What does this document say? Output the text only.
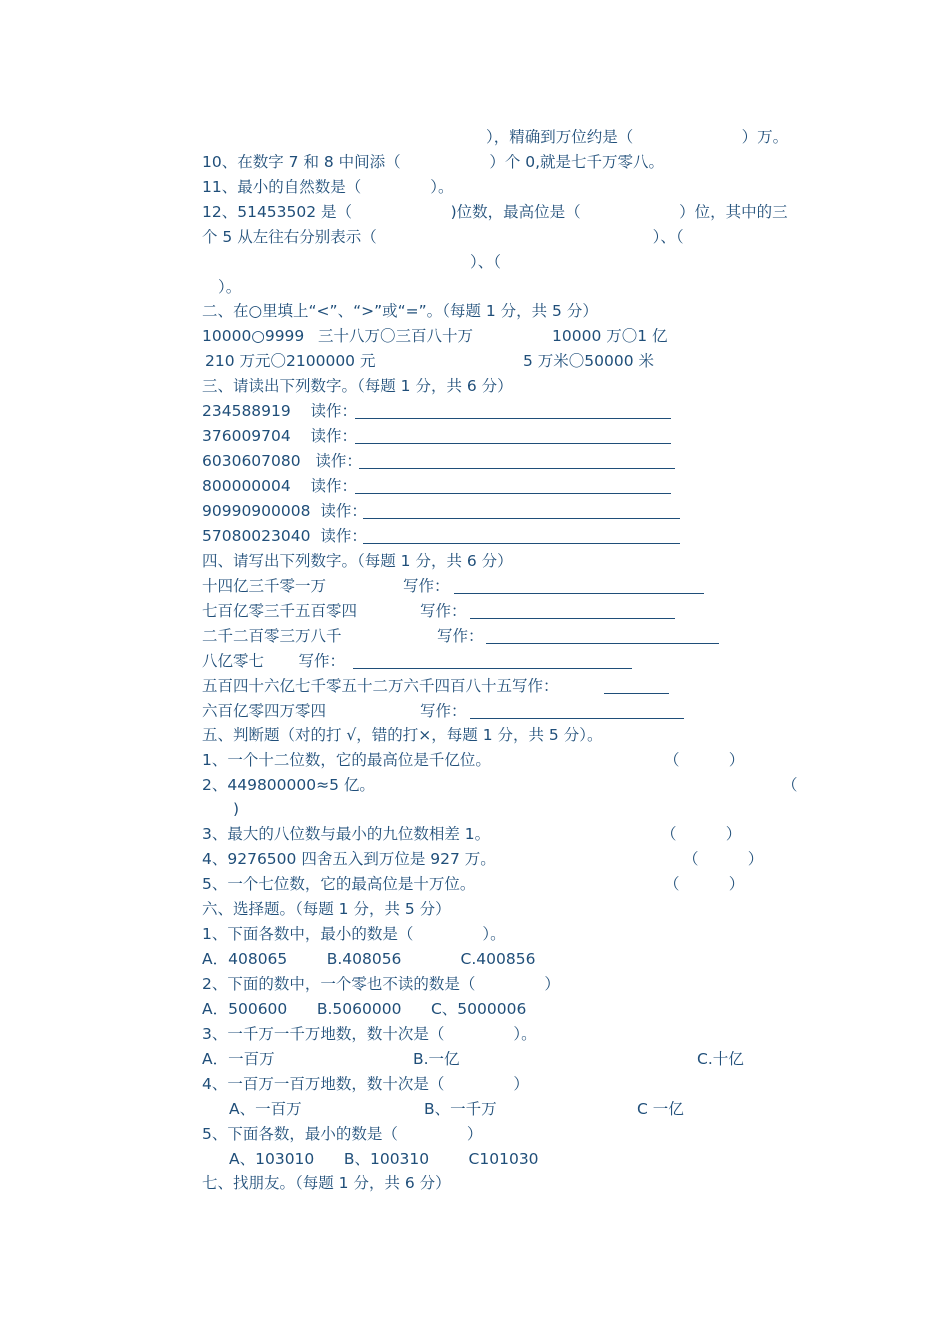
），精确到万位约是（                      ）万。
10、在数字 7 和 8 中间添（                  ）个 0,就是七千万零八。
11、最小的自然数是（              ）。
12、51453502 是（                    )位数，最高位是（                    ）位，其中的三
个 5 从左往右分别表示（                                                        ）、（
）、（
）。
二、在○里填上“<”、“>”或“=”。（每题 1 分，共 5 分）
10000○9999 三十八万〇三百八十万	10000 万〇1 亿
210 万元〇2100000 元	5 万米〇50000 米
三、请读出下列数字。（每题 1 分，共 6 分）
234588919    读作：
376009704    读作：
6030607080   读作：
800000004    读作：
90990900008  读作：
57080023040  读作：
四、请写出下列数字。（每题 1 分，共 6 分）
十四亿三千零一万	写作：
七百亿零三千五百零四	写作：
二千二百零三万八千	写作：
八亿零七       写作：
五百四十六亿七千零五十二万六千四百八十五写作：
六百亿零四万零四	写作：
五、判断题（对的打 √，错的打×，每题 1 分，共 5 分）。
1、一个十二位数，它的最高位是千亿位。	（          ）
2、449800000≈5 亿。	（
)
3、最大的八位数与最小的九位数相差 1。	（          ）
4、9276500 四舍五入到万位是 927 万。	（          ）
5、一个七位数，它的最高位是十万位。	（          ）
六、选择题。（每题 1 分，共 5 分）
1、下面各数中，最小的数是（              ）。
A．408065        B.408056            C.400856
2、下面的数中，一个零也不读的数是（              ）
A．500600      B.5060000      C、5000006
3、一千万一千万地数，数十次是（              ）。
A．一百万	B.一亿	C.十亿
4、一百万一百万地数，数十次是（              ）
A、一百万	B、一千万	C 一亿
5、下面各数，最小的数是（              ）
A、103010      B、100310        C101030
七、找朋友。（每题 1 分，共 6 分）
